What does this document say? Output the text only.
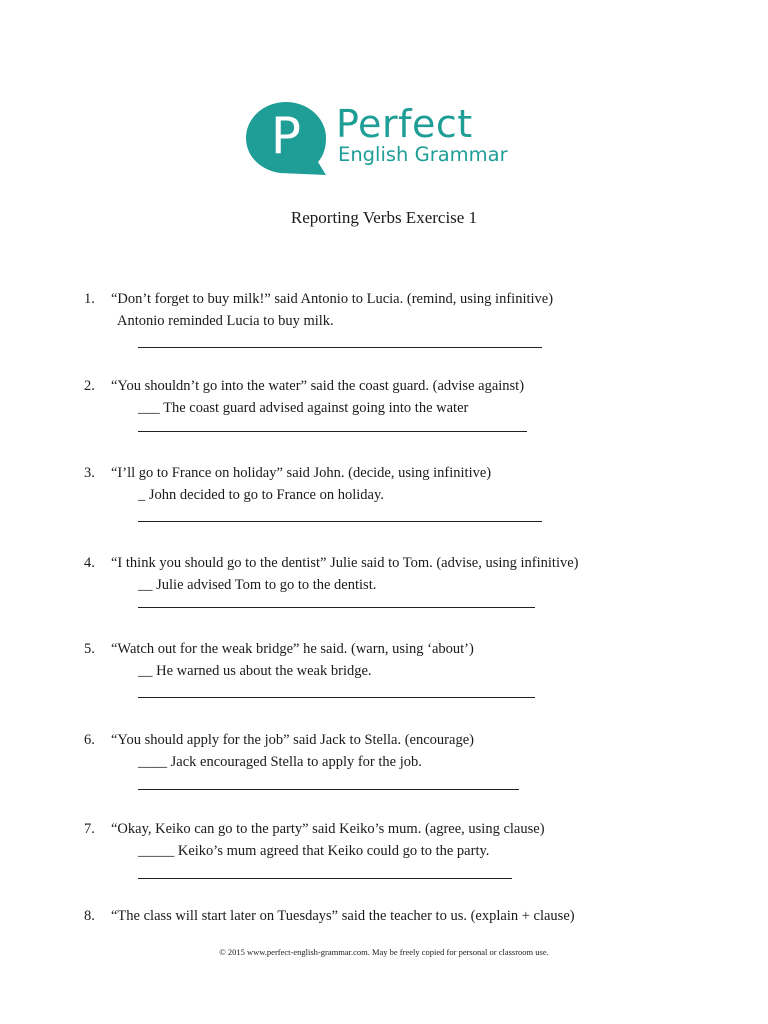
P Perfect
English Grammar
Reporting Verbs Exercise 1
1. “Don’t forget to buy milk!” said Antonio to Lucia. (remind, using infinitive)
Antonio reminded Lucia to buy milk.
2. “You shouldn’t go into the water” said the coast guard. (advise against)
___ The coast guard advised against going into the water
3. “I’ll go to France on holiday” said John. (decide, using infinitive)
_ John decided to go to France on holiday.
4. “I think you should go to the dentist” Julie said to Tom. (advise, using infinitive)
__ Julie advised Tom to go to the dentist.
5. “Watch out for the weak bridge” he said. (warn, using ‘about’)
__ He warned us about the weak bridge.
6. “You should apply for the job” said Jack to Stella. (encourage)
____ Jack encouraged Stella to apply for the job.
7. “Okay, Keiko can go to the party” said Keiko’s mum. (agree, using clause)
_____ Keiko’s mum agreed that Keiko could go to the party.
8. “The class will start later on Tuesdays” said the teacher to us. (explain + clause)
© 2015 www.perfect-english-grammar.com. May be freely copied for personal or classroom use.
